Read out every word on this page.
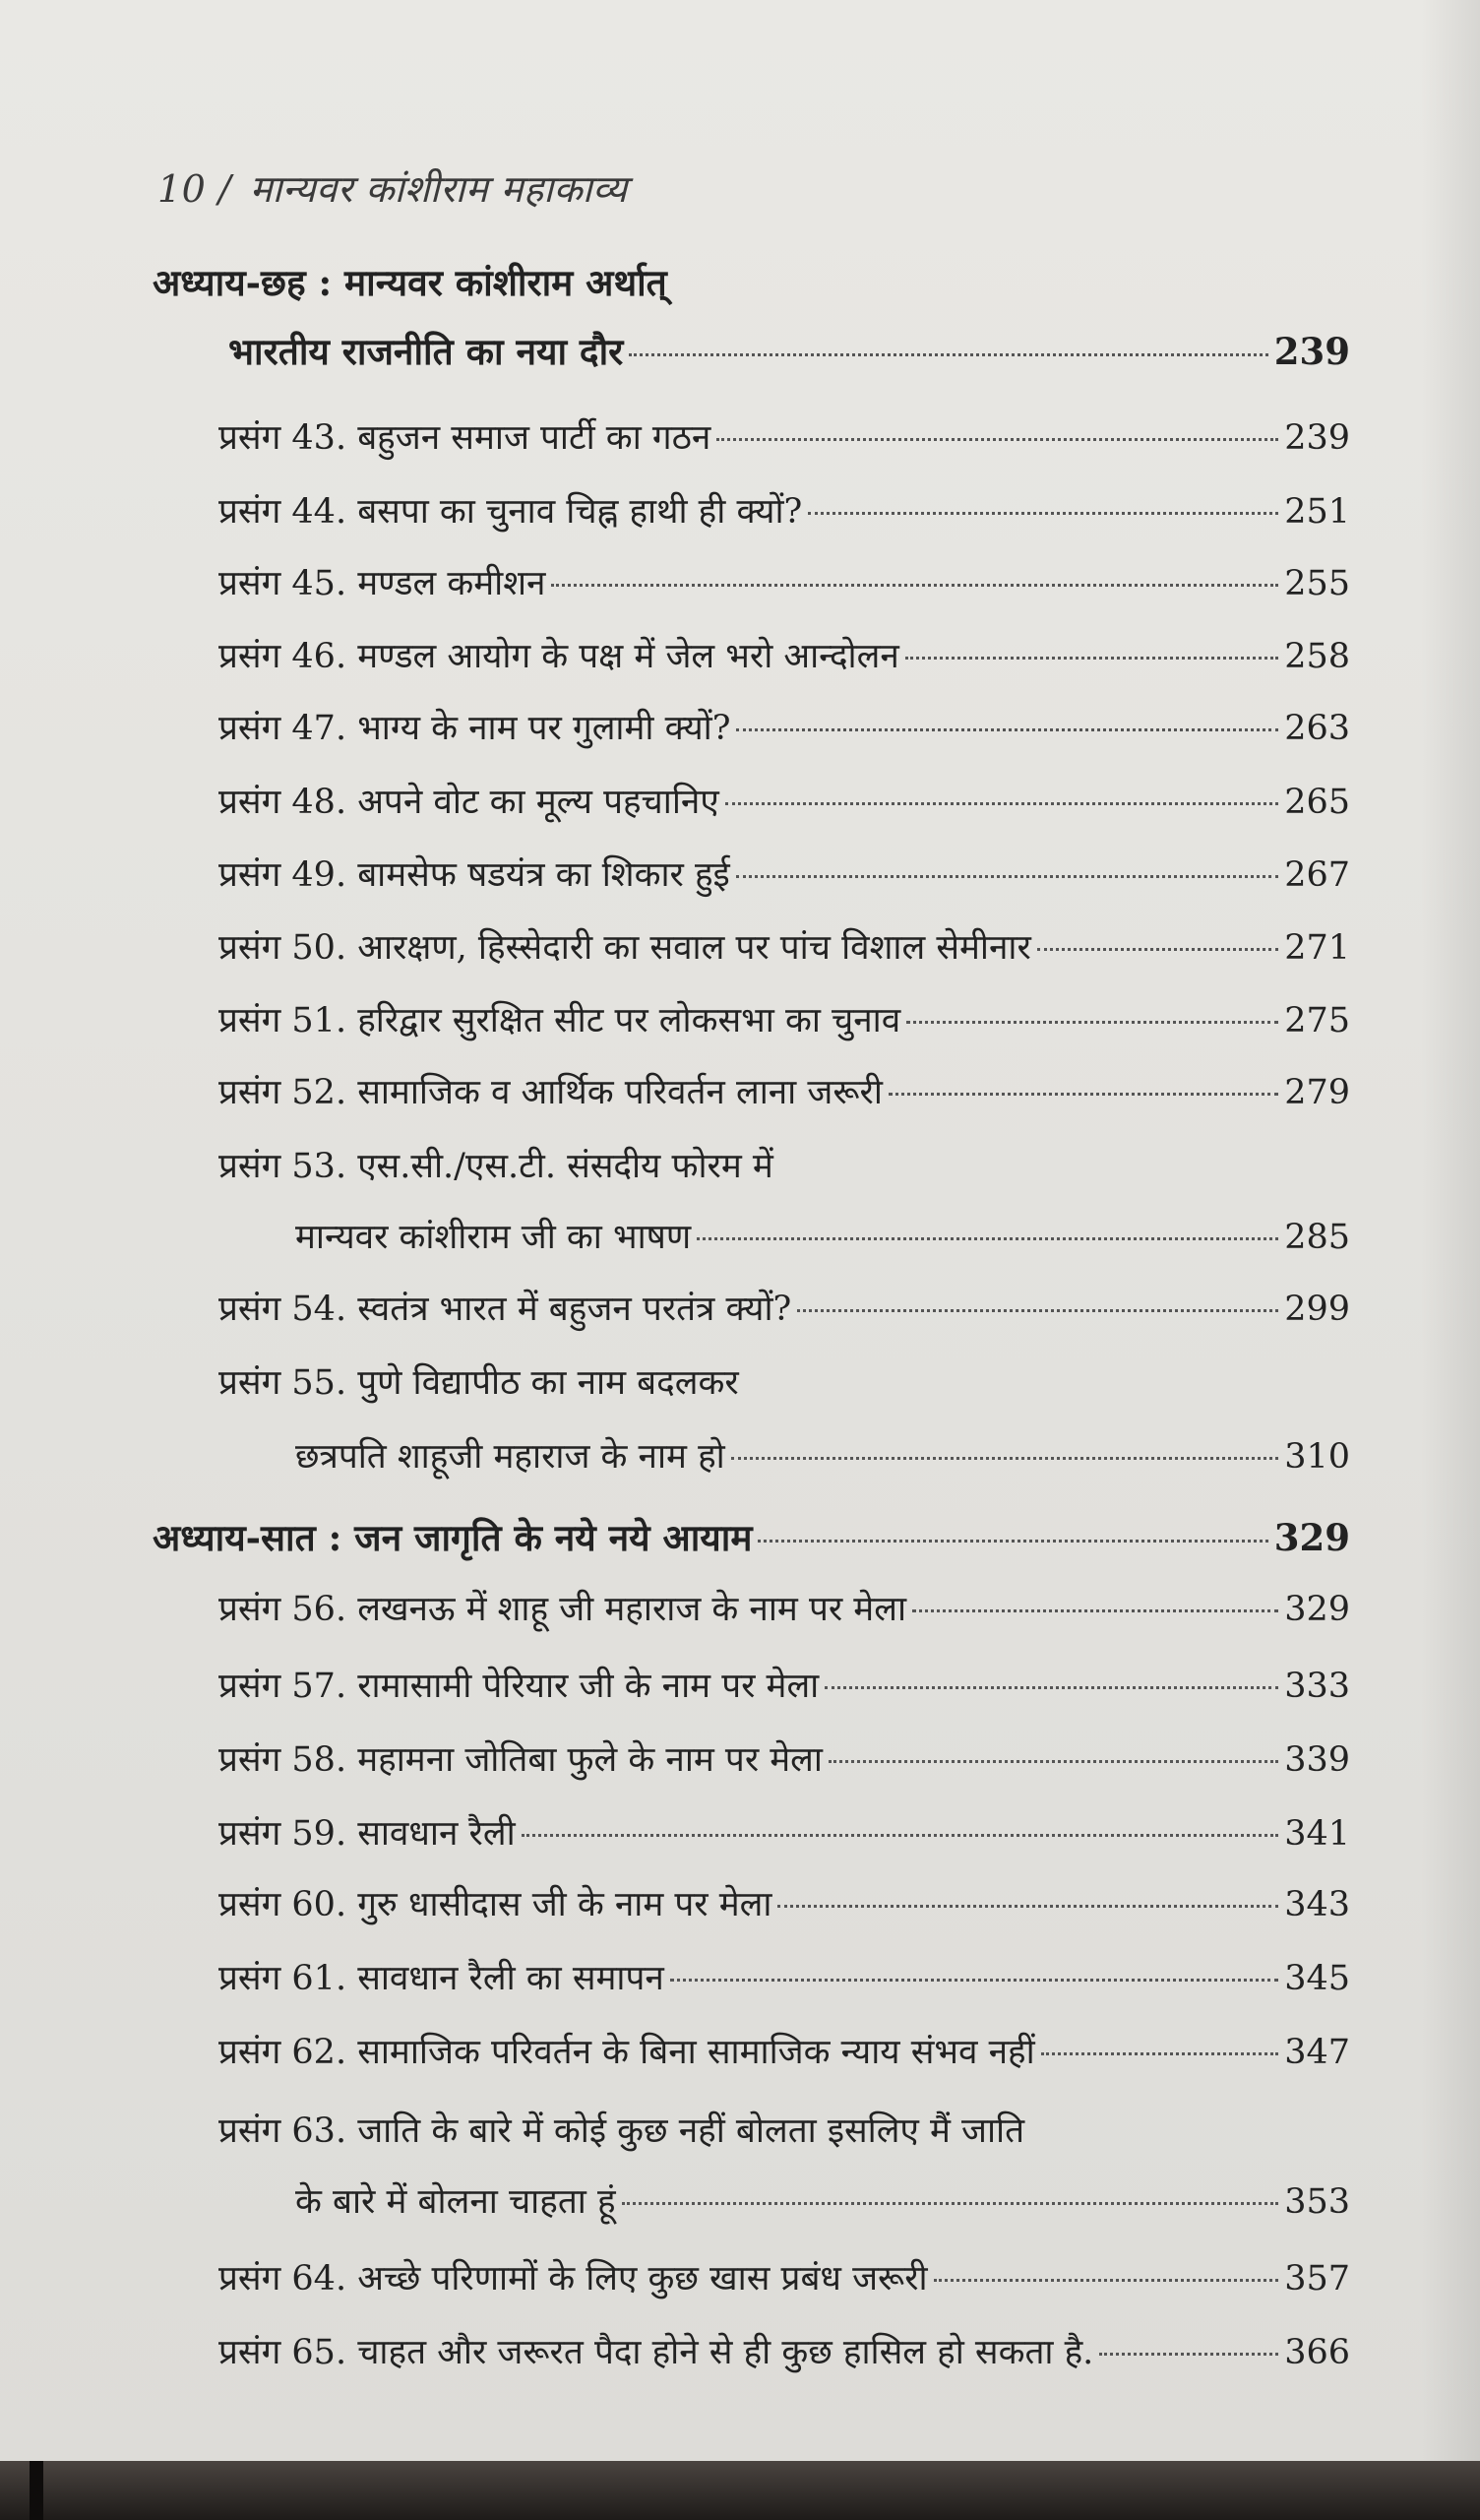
10 / मान्यवर कांशीराम महाकाव्य
अध्याय-छह : मान्यवर कांशीराम अर्थात्
भारतीय राजनीति का नया दौर	239
प्रसंग 43. बहुजन समाज पार्टी का गठन	239
प्रसंग 44. बसपा का चुनाव चिह्न हाथी ही क्यों?	251
प्रसंग 45. मण्डल कमीशन	255
प्रसंग 46. मण्डल आयोग के पक्ष में जेल भरो आन्दोलन	258
प्रसंग 47. भाग्य के नाम पर गुलामी क्यों?	263
प्रसंग 48. अपने वोट का मूल्य पहचानिए	265
प्रसंग 49. बामसेफ षडयंत्र का शिकार हुई	267
प्रसंग 50. आरक्षण, हिस्सेदारी का सवाल पर पांच विशाल सेमीनार	271
प्रसंग 51. हरिद्वार सुरक्षित सीट पर लोकसभा का चुनाव	275
प्रसंग 52. सामाजिक व आर्थिक परिवर्तन लाना जरूरी	279
प्रसंग 53. एस.सी./एस.टी. संसदीय फोरम में
मान्यवर कांशीराम जी का भाषण	285
प्रसंग 54. स्वतंत्र भारत में बहुजन परतंत्र क्यों?	299
प्रसंग 55. पुणे विद्यापीठ का नाम बदलकर
छत्रपति शाहूजी महाराज के नाम हो	310
अध्याय-सात : जन जागृति के नये नये आयाम	329
प्रसंग 56. लखनऊ में शाहू जी महाराज के नाम पर मेला	329
प्रसंग 57. रामासामी पेरियार जी के नाम पर मेला	333
प्रसंग 58. महामना जोतिबा फुले के नाम पर मेला	339
प्रसंग 59. सावधान रैली	341
प्रसंग 60. गुरु धासीदास जी के नाम पर मेला	343
प्रसंग 61. सावधान रैली का समापन	345
प्रसंग 62. सामाजिक परिवर्तन के बिना सामाजिक न्याय संभव नहीं	347
प्रसंग 63. जाति के बारे में कोई कुछ नहीं बोलता इसलिए मैं जाति
के बारे में बोलना चाहता हूं	353
प्रसंग 64. अच्छे परिणामों के लिए कुछ खास प्रबंध जरूरी	357
प्रसंग 65. चाहत और जरूरत पैदा होने से ही कुछ हासिल हो सकता है.	366
